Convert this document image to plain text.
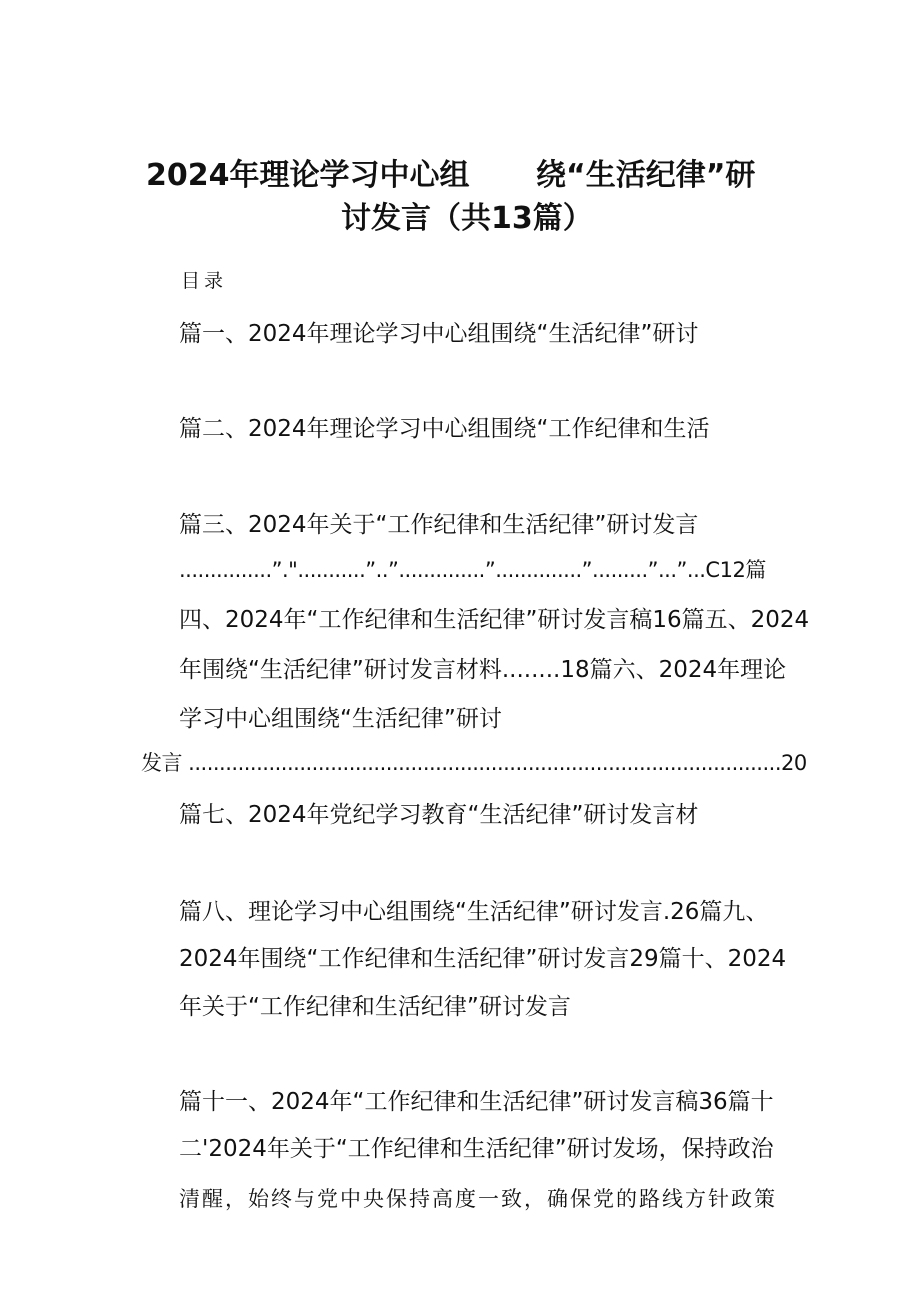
2024年理论学习中心组 绕“生活纪律”研
讨发言（共13篇）
目录
篇一、2024年理论学习中心组围绕“生活纪律”研讨
篇二、2024年理论学习中心组围绕“工作纪律和生活
篇三、2024年关于“工作纪律和生活纪律”研讨发言
...............”."...........”..”..............”..............”.........”...”...C12篇
四、2024年“工作纪律和生活纪律”研讨发言稿16篇五、2024
年围绕“生活纪律”研讨发言材料........18篇六、2024年理论
学习中心组围绕“生活纪律”研讨
发言 ................................................................................................20
篇七、2024年党纪学习教育“生活纪律”研讨发言材
篇八、理论学习中心组围绕“生活纪律”研讨发言.26篇九、
2024年围绕“工作纪律和生活纪律”研讨发言29篇十、2024
年关于“工作纪律和生活纪律”研讨发言
篇十一、2024年“工作纪律和生活纪律”研讨发言稿36篇十
二'2024年关于“工作纪律和生活纪律”研讨发场，保持政治
清醒，始终与党中央保持高度一致，确保党的路线方针政策
